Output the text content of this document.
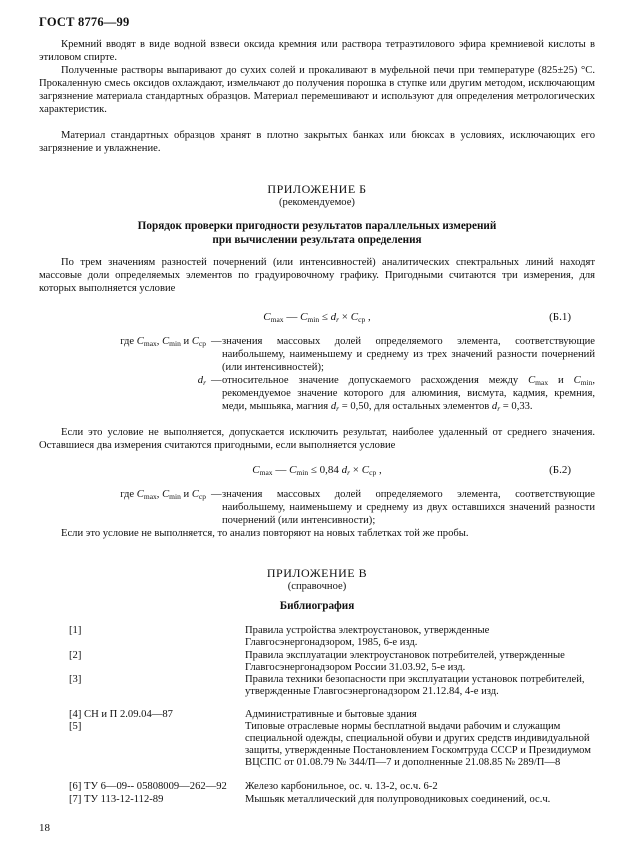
ГОСТ 8776—99

Кремний вводят в виде водной взвеси оксида кремния или раствора тетраэтилового эфира кремниевой кислоты в этиловом спирте.

Полученные растворы выпаривают до сухих солей и прокаливают в муфельной печи при температуре (825±25) °С. Прокаленную смесь оксидов охлаждают, измельчают до получения порошка в ступке или другим методом, исключающим загрязнение материала стандартных образцов. Материал перемешивают и используют для определения метрологических характеристик.

Материал стандартных образцов хранят в плотно закрытых банках или бюксах в условиях, исключающих его загрязнение и увлажнение.

ПРИЛОЖЕНИЕ Б
(рекомендуемое)
Порядок проверки пригодности результатов параллельных измерений
при вычислении результата определения

По трем значениям разностей почернений (или интенсивностей) аналитических спектральных линий находят массовые доли определяемых элементов по градуировочному графику. Пригодными считаются три измерения, для которых выполняется условие

$C_{max}$ — $C_{min} \le d_r \times C_{ср}$ ,	(Б.1)
где $C_{max}$, $C_{min}$ и $C_{ср}$ — значения массовых долей определяемого элемента, соответствующие наибольшему, наименьшему и среднему из трех значений разности почернений (или интенсивностей);
$d_r$ — относительное значение допускаемого расхождения между $C_{max}$ и $C_{min}$, рекомендуемое значение которого для алюминия, висмута, кадмия, кремния, меди, мышьяка, магния $d_r = 0,50$, для остальных элементов $d_r = 0,33$.

Если это условие не выполняется, допускается исключить результат, наиболее удаленный от среднего значения. Оставшиеся два измерения считаются пригодными, если выполняется условие

$C_{max}$ — $C_{min} \le 0,84$ $d_r \times C_{ср}$ ,	(Б.2)
где $C_{max}$, $C_{min}$ и $C_{ср}$ — значения массовых долей определяемого элемента, соответствующие наибольшему, наименьшему и среднему из двух оставшихся значений разности почернений (или интенсивности);

Если это условие не выполняется, то анализ повторяют на новых таблетках той же пробы.

ПРИЛОЖЕНИЕ В
(справочное)
Библиография
[1]	Правила устройства электроустановок, утвержденные Главгосэнергонадзором, 1985, 6-е изд.
[2]	Правила эксплуатации электроустановок потребителей, утвержденные Главгосэнергонадзором России 31.03.92, 5-е изд.
[3]	Правила техники безопасности при эксплуатации установок потребителей, утвержденные Главгосэнергонадзором 21.12.84, 4-е изд.
[4] СН и П 2.09.04—87	Административные и бытовые здания
[5]	Типовые отраслевые нормы бесплатной выдачи рабочим и служащим специальной одежды, специальной обуви и других средств индивидуальной защиты, утвержденные Постановлением Госкомтруда СССР и Президиумом ВЦСПС от 01.08.79 № 344/П—7 и дополненные 21.08.85 № 289/П—8
[6] ТУ 6—09-- 05808009—262—92 Железо карбонильное, ос. ч. 13-2, ос.ч. 6-2
[7] ТУ 113-12-112-89	Мышьяк металлический для полупроводниковых соединений, ос.ч.
18
